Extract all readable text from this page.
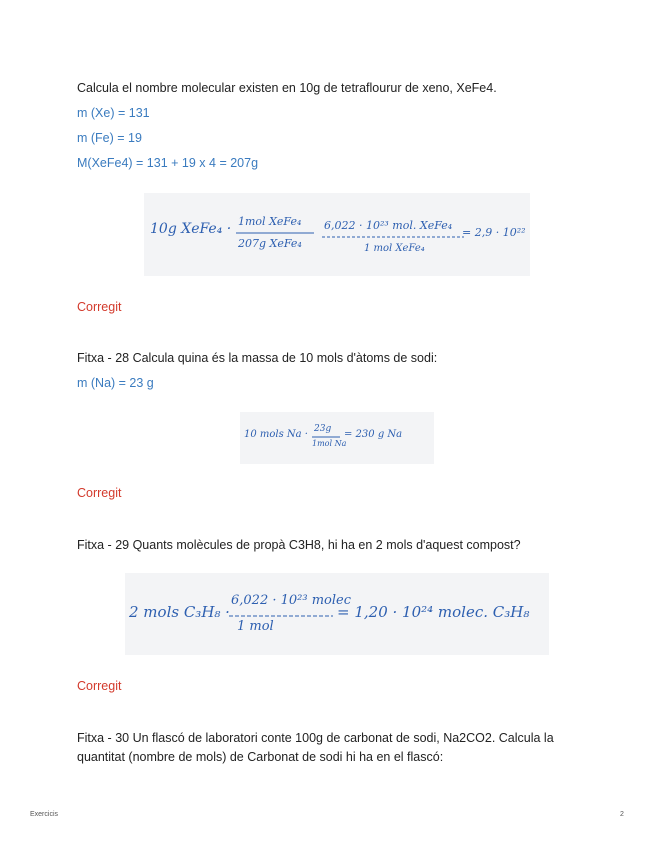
Calcula el nombre molecular existen en 10g de tetraflourur de xeno, XeFe4.
m (Xe) = 131
m (Fe) = 19
M(XeFe4) = 131 + 19 x 4 = 207g
10g XeFe₄ · 1mol XeFe₄
207g XeFe₄
6,022 · 10²³ mol. XeFe₄
1 mol XeFe₄
= 2,9 · 10²²
Corregit
Fitxa - 28 Calcula quina és la massa de 10 mols d'àtoms de sodi:
m (Na) = 23 g
10 mols Na · 23g
1mol Na
= 230 g Na
Corregit
Fitxa - 29 Quants molècules de propà C3H8, hi ha en 2 mols d'aquest compost?
2 mols C₃H₈ ·
6,022 · 10²³ molec
1 mol
= 1,20 · 10²⁴ molec. C₃H₈
Corregit
Fitxa - 30 Un flascó de laboratori conte 100g de carbonat de sodi, Na2CO2. Calcula la quantitat (nombre de mols) de Carbonat de sodi hi ha en el flascó:
Exercicis	2
